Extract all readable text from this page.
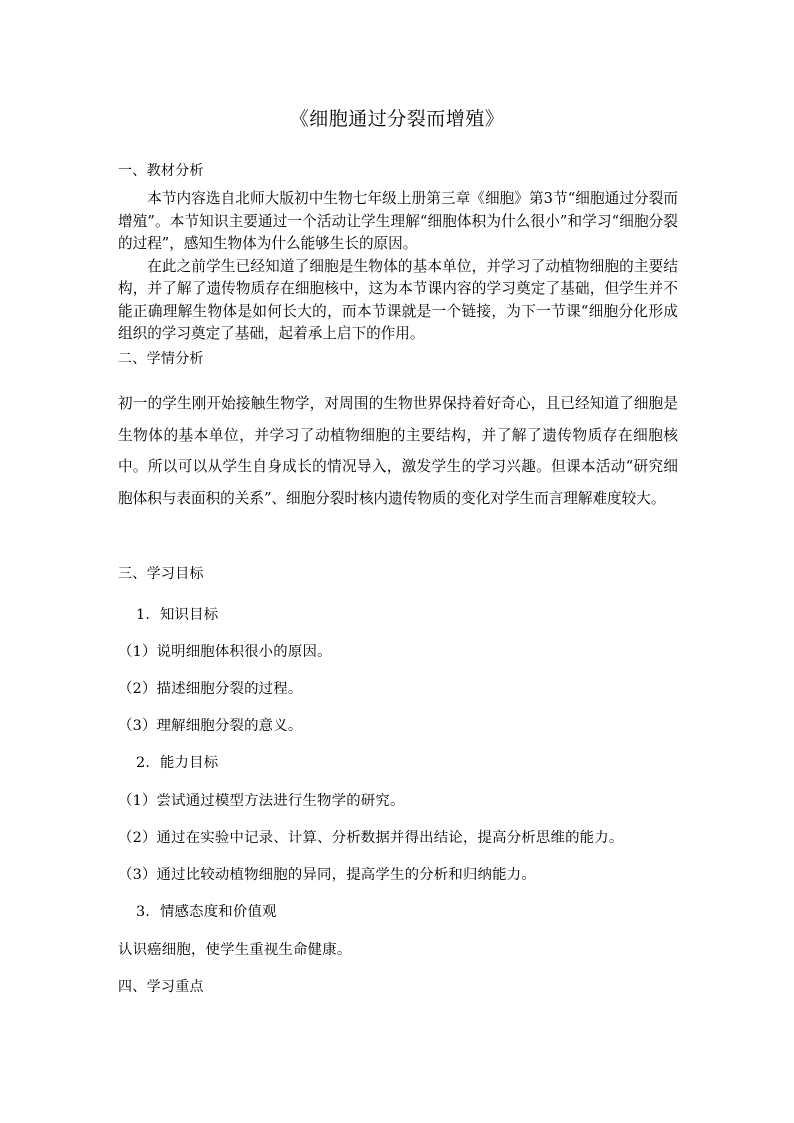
《细胞通过分裂而增殖》
一、教材分析

本节内容选自北师大版初中生物七年级上册第三章《细胞》第3节“细胞通过分裂而增殖”。本节知识主要通过一个活动让学生理解“细胞体积为什么很小”和学习“细胞分裂的过程”，感知生物体为什么能够生长的原因。

在此之前学生已经知道了细胞是生物体的基本单位，并学习了动植物细胞的主要结构，并了解了遗传物质存在细胞核中，这为本节课内容的学习奠定了基础，但学生并不能正确理解生物体是如何长大的，而本节课就是一个链接，为下一节课“细胞分化形成组织的学习奠定了基础，起着承上启下的作用。

二、学情分析
初一的学生刚开始接触生物学，对周围的生物世界保持着好奇心，且已经知道了细胞是生物体的基本单位，并学习了动植物细胞的主要结构，并了解了遗传物质存在细胞核中。所以可以从学生自身成长的情况导入，激发学生的学习兴趣。但课本活动“研究细胞体积与表面积的关系”、细胞分裂时核内遗传物质的变化对学生而言理解难度较大。
三、学习目标
1．知识目标
（1）说明细胞体积很小的原因。
（2）描述细胞分裂的过程。
（3）理解细胞分裂的意义。
2．能力目标
（1）尝试通过模型方法进行生物学的研究。
（2）通过在实验中记录、计算、分析数据并得出结论，提高分析思维的能力。
（3）通过比较动植物细胞的异同，提高学生的分析和归纳能力。
3．情感态度和价值观
认识癌细胞，使学生重视生命健康。
四、学习重点
